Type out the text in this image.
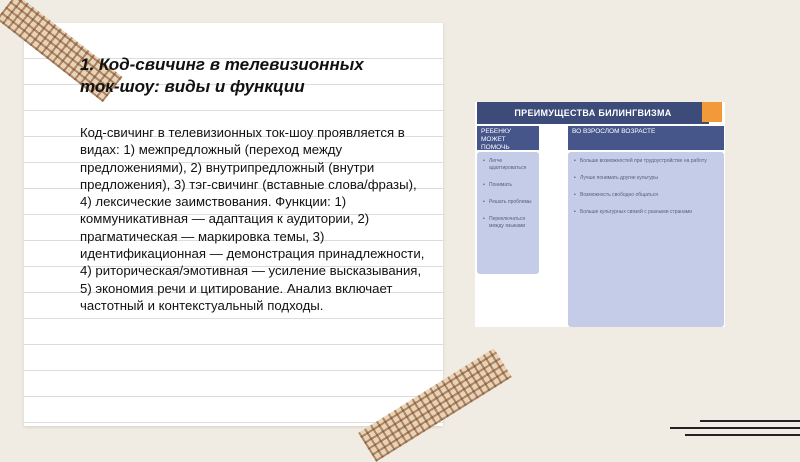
1. Код-свичинг в телевизионных
ток-шоу: виды и функции

Код-свичинг в телевизионных ток-шоу проявляется в видах: 1) межпредложный (переход между предложениями), 2) внутрипредложный (внутри предложения), 3) тэг-свичинг (вставные слова/фразы), 4) лексические заимствования. Функции: 1) коммуникативная — адаптация к аудитории, 2) прагматическая — маркировка темы, 3) идентификационная — демонстрация принадлежности, 4) риторическая/эмотивная — усиление высказывания, 5) экономия речи и цитирование. Анализ включает частотный и контекстуальный подходы.

ПРЕИМУЩЕСТВА БИЛИНГВИЗМА
РЕБЕНКУ МОЖЕТ ПОМОЧЬ
ВО ВЗРОСЛОМ ВОЗРАСТЕ
• Легче адаптироваться
• Понимать
• Решать проблемы
• Переключаться между языками
• Больше возможностей при трудоустройстве на работу
• Лучше понимать другие культуры
• Возможность свободно общаться
• Больше культурных связей с разными странами
